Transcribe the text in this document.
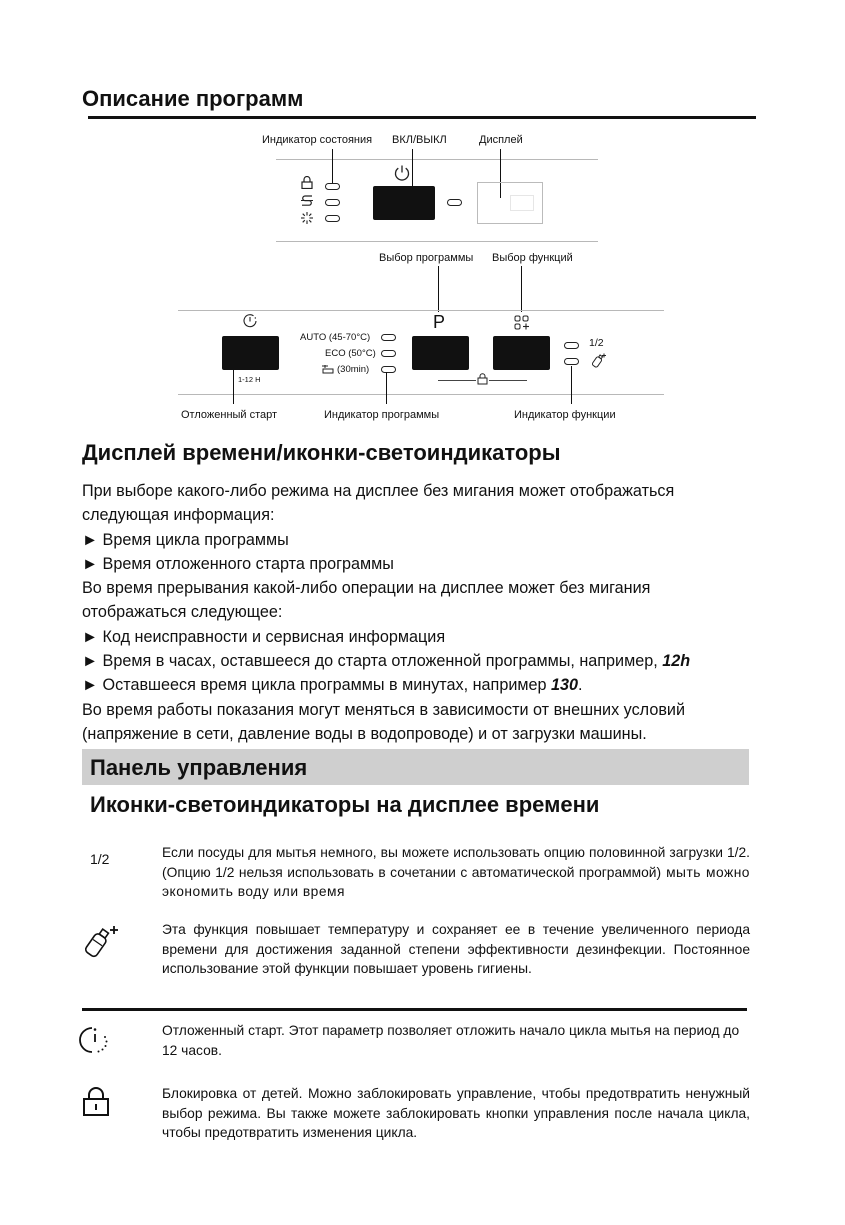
Описание программ
Индикатор состояния ВКЛ/ВЫКЛ	Дисплей
Выбор программы Выбор функций
1-12 H
AUTO (45-70°C)
ECO (50°C)
(30min)
P
1/2
Отложенный старт	Индикатор программы	Индикатор функции
Дисплей времени/иконки-светоиндикаторы

При выборе какого-либо режима на дисплее без мигания может отображаться следующая информация:

► Время цикла программы

► Время отложенного старта программы

Во время прерывания какой-либо операции на дисплее может без мигания отображаться следующее:

► Код неисправности и сервисная информация

► Время в часах, оставшееся до старта отложенной программы, например, 12h

► Оставшееся время цикла программы в минутах, например 130.

Во время работы показания могут меняться в зависимости от внешних условий (напряжение в сети, давление воды в водопроводе) и от загрузки машины.

Панель управления
Иконки-светоиндикаторы на дисплее времени
1/2	Если посуды для мытья немного, вы можете использовать опцию половинной загрузки 1/2. (Опцию 1/2 нельзя использовать в сочетании с автоматической программой) мыть можно экономить воду или время
Эта функция повышает температуру и сохраняет ее в течение увеличенного периода времени для достижения заданной степени эффективности дезинфекции. Постоянное использование этой функции повышает уровень гигиены.
Отложенный старт. Этот параметр позволяет отложить начало цикла мытья на период до 12 часов.
Блокировка от детей. Можно заблокировать управление, чтобы предотвратить ненужный выбор режима. Вы также можете заблокировать кнопки управления после начала цикла, чтобы предотвратить изменения цикла.
